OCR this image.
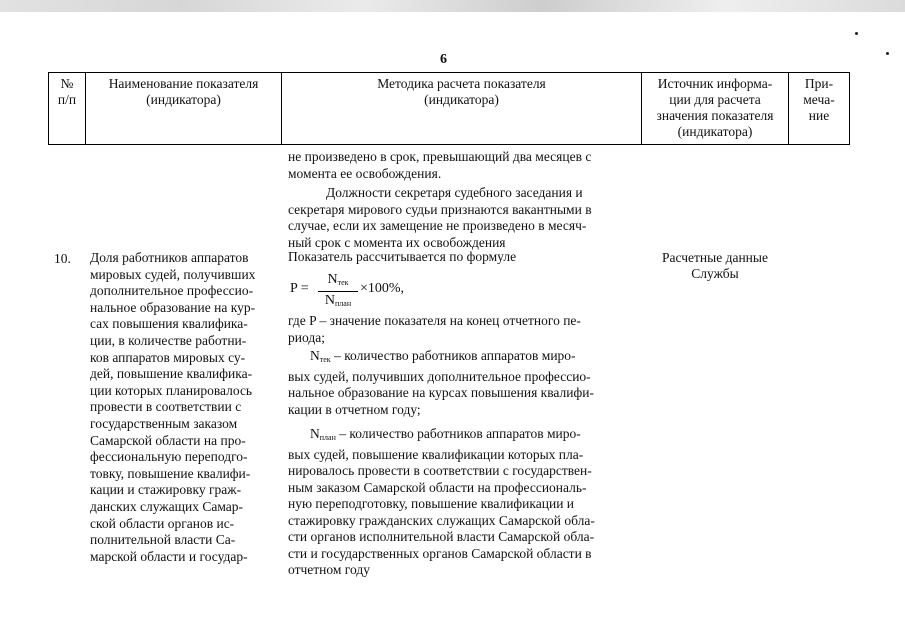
6
№
п/п
Наименование показателя
(индикатора)
Методика расчета показателя
(индикатора)
Источник информа-
ции для расчета
значения показателя
(индикатора)
При-
меча-
ние
не произведено в срок, превышающий два месяцев с
момента ее освобождения.
Должности секретаря судебного заседания и
секретаря мирового судьи признаются вакантными в
случае, если их замещение не произведено в месяч-
ный срок с момента их освобождения
10. Доля работников аппаратов
мировых судей, получивших
дополнительное профессио-
нальное образование на кур-
сах повышения квалифика-
ции, в количестве работни-
ков аппаратов мировых су-
дей, повышение квалифика-
ции которых планировалось
провести в соответствии с
государственным заказом
Самарской области на про-
фессиональную переподго-
товку, повышение квалифи-
кации и стажировку граж-
данских служащих Самар-
ской области органов ис-
полнительной власти Са-
марской области и государ-
Показатель рассчитывается по формуле
P =
$N_{тек}$
$N_{план}$
×100%,
где P – значение показателя на конец отчетного пе-
риода;
$N_{тек}$ – количество работников аппаратов миро-
вых судей, получивших дополнительное профессио-
нальное образование на курсах повышения квалифи-
кации в отчетном году;
$N_{план}$ – количество работников аппаратов миро-
вых судей, повышение квалификации которых пла-
нировалось провести в соответствии с государствен-
ным заказом Самарской области на профессиональ-
ную переподготовку, повышение квалификации и
стажировку гражданских служащих Самарской обла-
сти органов исполнительной власти Самарской обла-
сти и государственных органов Самарской области в
отчетном году
Расчетные данные
Службы
